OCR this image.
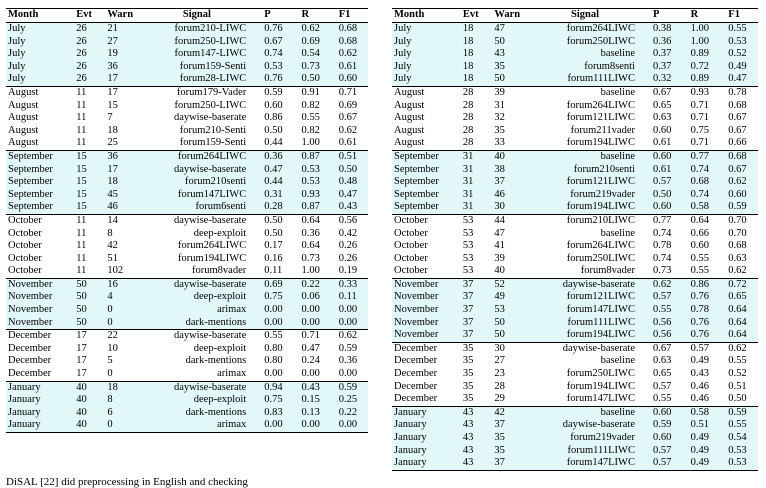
Month	Evt	Warn	Signal	P	R	F1
July	26	21	forum210-LIWC	0.76	0.62	0.68
July	26	27	forum250-LIWC	0.67	0.69	0.68
July	26	19	forum147-LIWC	0.74	0.54	0.62
July	26	36	forum159-Senti	0.53	0.73	0.61
July	26	17	forum28-LIWC	0.76	0.50	0.60
August	11	17	forum179-Vader	0.59	0.91	0.71
August	11	15	forum250-LIWC	0.60	0.82	0.69
August	11	7	daywise-baserate	0.86	0.55	0.67
August	11	18	forum210-Senti	0.50	0.82	0.62
August	11	25	forum159-Senti	0.44	1.00	0.61
September	15	36	forum264LIWC	0.36	0.87	0.51
September	15	17	daywise-baserate	0.47	0.53	0.50
September	15	18	forum210senti	0.44	0.53	0.48
September	15	45	forum147LIWC	0.31	0.93	0.47
September	15	46	forum6senti	0.28	0.87	0.43
October	11	14	daywise-baserate	0.50	0.64	0.56
October	11	8	deep-exploit	0.50	0.36	0.42
October	11	42	forum264LIWC	0.17	0.64	0.26
October	11	51	forum194LIWC	0.16	0.73	0.26
October	11	102	forum8vader	0.11	1.00	0.19
November	50	16	daywise-baserate	0.69	0.22	0.33
November	50	4	deep-exploit	0.75	0.06	0.11
November	50	0	arimax	0.00	0.00	0.00
November	50	0	dark-mentions	0.00	0.00	0.00
December	17	22	daywise-baserate	0.55	0.71	0.62
December	17	10	deep-exploit	0.80	0.47	0.59
December	17	5	dark-mentions	0.80	0.24	0.36
December	17	0	arimax	0.00	0.00	0.00
January	40	18	daywise-baserate	0.94	0.43	0.59
January	40	8	deep-exploit	0.75	0.15	0.25
January	40	6	dark-mentions	0.83	0.13	0.22
January	40	0	arimax	0.00	0.00	0.00
Month	Evt	Warn	Signal	P	R	F1
July	18	47	forum264LIWC	0.38	1.00	0.55
July	18	50	forum250LIWC	0.36	1.00	0.53
July	18	43	baseline	0.37	0.89	0.52
July	18	35	forum8senti	0.37	0.72	0.49
July	18	50	forum111LIWC	0.32	0.89	0.47
August	28	39	baseline	0.67	0.93	0.78
August	28	31	forum264LIWC	0.65	0.71	0.68
August	28	32	forum121LIWC	0.63	0.71	0.67
August	28	35	forum211vader	0.60	0.75	0.67
August	28	33	forum194LIWC	0.61	0.71	0.66
September	31	40	baseline	0.60	0.77	0.68
September	31	38	forum210senti	0.61	0.74	0.67
September	31	37	forum121LIWC	0.57	0.68	0.62
September	31	46	forum219vader	0.50	0.74	0.60
September	31	30	forum194LIWC	0.60	0.58	0.59
October	53	44	forum210LIWC	0.77	0.64	0.70
October	53	47	baseline	0.74	0.66	0.70
October	53	41	forum264LIWC	0.78	0.60	0.68
October	53	39	forum250LIWC	0.74	0.55	0.63
October	53	40	forum8vader	0.73	0.55	0.62
November	37	52	daywise-baserate	0.62	0.86	0.72
November	37	49	forum121LIWC	0.57	0.76	0.65
November	37	53	forum147LIWC	0.55	0.78	0.64
November	37	50	forum111LIWC	0.56	0.76	0.64
November	37	50	forum194LIWC	0.56	0.76	0.64
December	35	30	daywise-baserate	0.67	0.57	0.62
December	35	27	baseline	0.63	0.49	0.55
December	35	23	forum250LIWC	0.65	0.43	0.52
December	35	28	forum194LIWC	0.57	0.46	0.51
December	35	29	forum147LIWC	0.55	0.46	0.50
January	43	42	baseline	0.60	0.58	0.59
January	43	37	daywise-baserate	0.59	0.51	0.55
January	43	35	forum219vader	0.60	0.49	0.54
January	43	35	forum111LIWC	0.57	0.49	0.53
January	43	37	forum147LIWC	0.57	0.49	0.53
DiSAL [22] did preprocessing in English and checking
